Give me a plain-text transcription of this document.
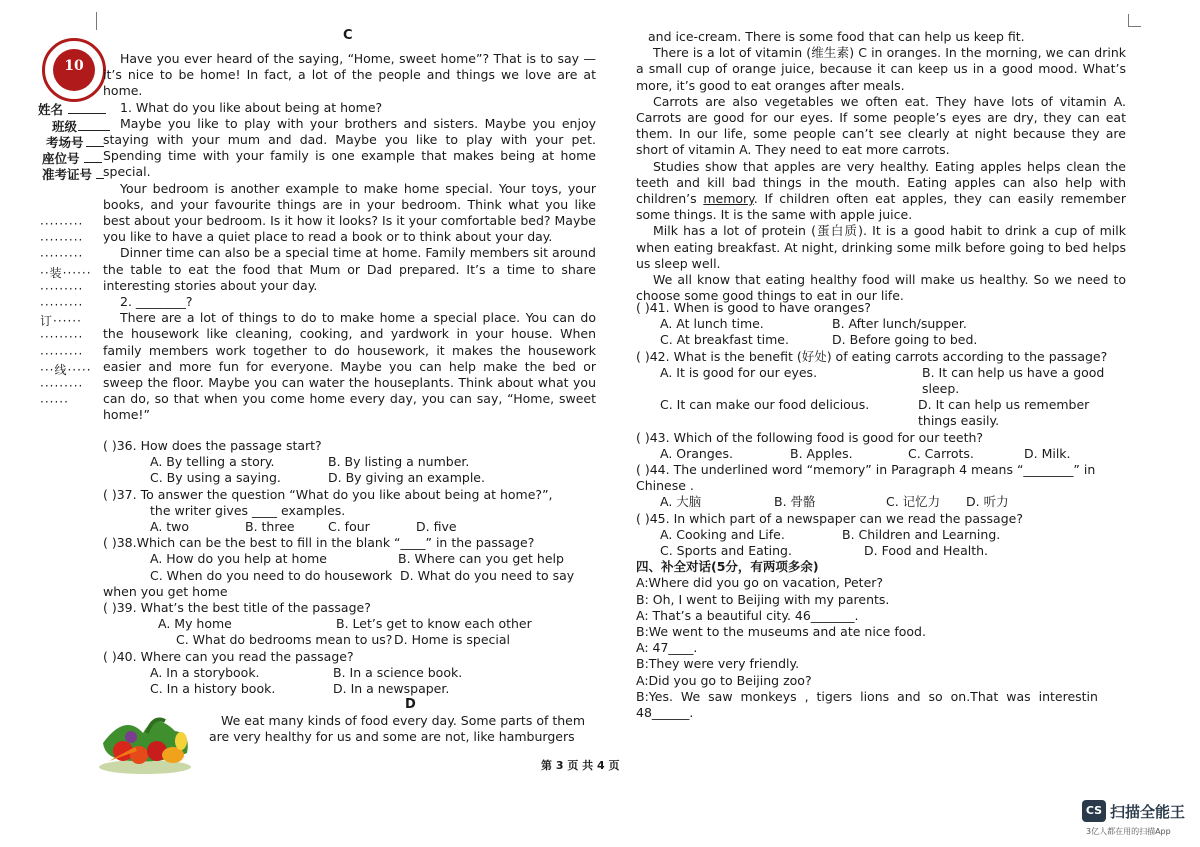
10
姓名
班级
考场号
座位号
准考证号
·········
·········
·········
··装······
·········
·········
订······
·········
·········
···线·····
·········
······
C

Have you ever heard of the saying, “Home, sweet home”? That is to say — it’s nice to be home! In fact, a lot of the people and things we love are at home.

1. What do you like about being at home?

Maybe you like to play with your brothers and sisters. Maybe you enjoy staying with your mum and dad. Maybe you like to play with your pet. Spending time with your family is one example that makes being at home special.

Your bedroom is another example to make home special. Your toys, your books, and your favourite things are in your bedroom. Think what you like best about your bedroom. Is it how it looks? Is it your comfortable bed? Maybe you like to have a quiet place to read a book or to think about your day.

Dinner time can also be a special time at home. Family members sit around the table to eat the food that Mum or Dad prepared. It’s a time to share interesting stories about your day.

2. ________?

There are a lot of things to do to make home a special place. You can do the housework like cleaning, cooking, and yardwork in your house. When family members work together to do housework, it makes the housework easier and more fun for everyone. Maybe you can help make the bed or sweep the floor. Maybe you can water the houseplants. Think about what you can do, so that when you come home every day, you can say, “Home, sweet home!”

( )36. How does the passage start?

A. By telling a story.	B. By listing a number.
C. By using a saying.	D. By giving an example.

( )37. To answer the question “What do you like about being at home?”,

the writer gives ____ examples.

A. two	B. three	C. four	D. five

( )38.Which can be the best to fill in the blank “____” in the passage?

A. How do you help at home	B. Where can you get help
C. When do you need to do housework D. What do you need to say

when you get home

( )39. What’s the best title of the passage?

A. My home	B. Let’s get to know each other
C. What do bedrooms mean to us? D. Home is special

( )40. Where can you read the passage?

A. In a storybook.	B. In a science book.
C. In a history book.	D. In a newspaper.
D

We eat many kinds of food every day. Some parts of them

are very healthy for us and some are not, like hamburgers

第 3 页 共 4 页

and ice-cream. There is some food that can help us keep fit.

There is a lot of vitamin (维生素) C in oranges. In the morning, we can drink a small cup of orange juice, because it can keep us in a good mood. What’s more, it’s good to eat oranges after meals.

Carrots are also vegetables we often eat. They have lots of vitamin A. Carrots are good for our eyes. If some people’s eyes are dry, they can eat them. In our life, some people can’t see clearly at night because they are short of vitamin A. They need to eat more carrots.

Studies show that apples are very healthy. Eating apples helps clean the teeth and kill bad things in the mouth. Eating apples can also help with children’s memory. If children often eat apples, they can easily remember some things. It is the same with apple juice.

Milk has a lot of protein (蛋白质). It is a good habit to drink a cup of milk when eating breakfast. At night, drinking some milk before going to bed helps us sleep well.

We all know that eating healthy food will make us healthy. So we need to choose some good things to eat in our life.

( )41. When is good to have oranges?

A. At lunch time.	B. After lunch/supper.
C. At breakfast time.	D. Before going to bed.

( )42. What is the benefit (好处) of eating carrots according to the passage?

A. It is good for our eyes.	B. It can help us have a good sleep.
C. It can make our food delicious.	D. It can help us remember things easily.

( )43. Which of the following food is good for our teeth?

A. Oranges.	B. Apples.	C. Carrots.	D. Milk.

( )44. The underlined word “memory” in Paragraph 4 means “________” in Chinese .

A. 大脑	B. 骨骼	C. 记忆力	D. 听力

( )45. In which part of a newspaper can we read the passage?

A. Cooking and Life.	B. Children and Learning.
C. Sports and Eating.	D. Food and Health.

四、补全对话(5分，有两项多余)

A:Where did you go on vacation, Peter?

B: Oh, I went to Beijing with my parents.

A: That’s a beautiful city. 46_______.

B:We went to the museums and ate nice food.

A: 47____.

B:They were very friendly.

A:Did you go to Beijing zoo?

B:Yes.  We  saw  monkeys  ,  tigers  lions  and  so  on.That  was  interestin

48______.

CS 扫描全能王
3亿人都在用的扫描App
